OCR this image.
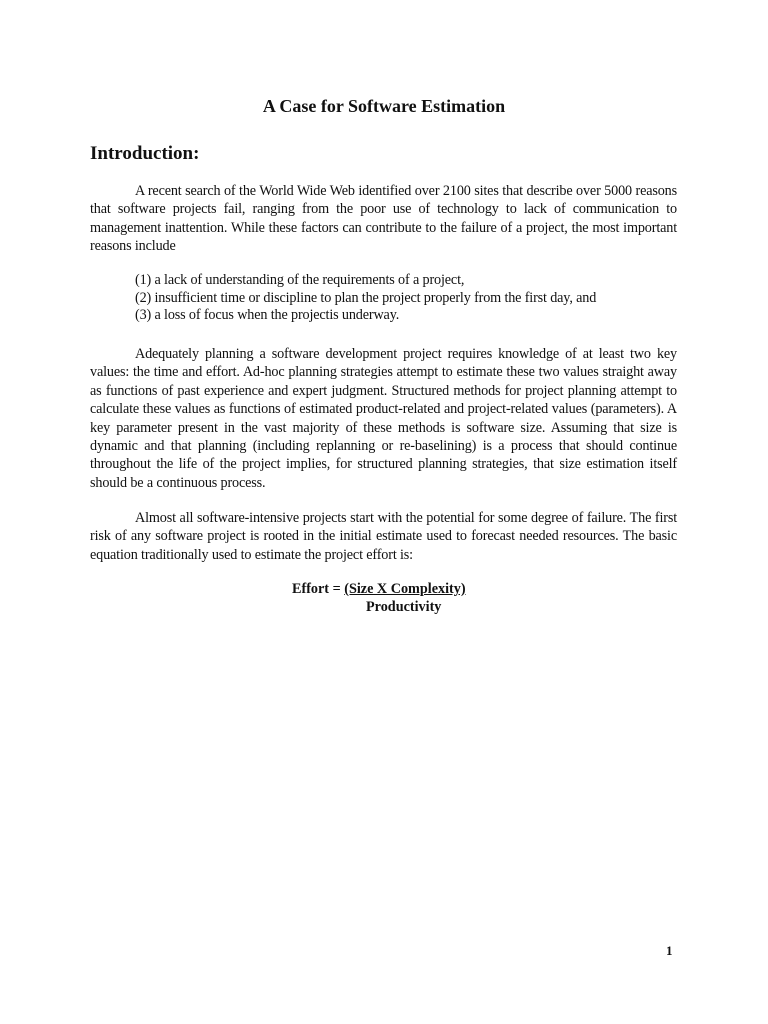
A Case for Software Estimation
Introduction:
A recent search of the World Wide Web identified over 2100 sites that describe over 5000 reasons that software projects fail, ranging from the poor use of technology to lack of communication to management inattention. While these factors can contribute to the failure of a project, the most important reasons include
(1) a lack of understanding of the requirements of a project,
(2) insufficient time or discipline to plan the project properly from the first day, and
(3) a loss of focus when the projectis underway.
Adequately planning a software development project requires knowledge of at least two key values: the time and effort. Ad-hoc planning strategies attempt to estimate these two values straight away as functions of past experience and expert judgment. Structured methods for project planning attempt to calculate these values as functions of estimated product-related and project-related values (parameters). A key parameter present in the vast majority of these methods is software size. Assuming that size is dynamic and that planning (including replanning or re-baselining) is a process that should continue throughout the life of the project implies, for structured planning strategies, that size estimation itself should be a continuous process.
Almost all software-intensive projects start with the potential for some degree of failure. The first risk of any software project is rooted in the initial estimate used to forecast needed resources. The basic equation traditionally used to estimate the project effort is:
Effort = (Size X Complexity)
Productivity
1
